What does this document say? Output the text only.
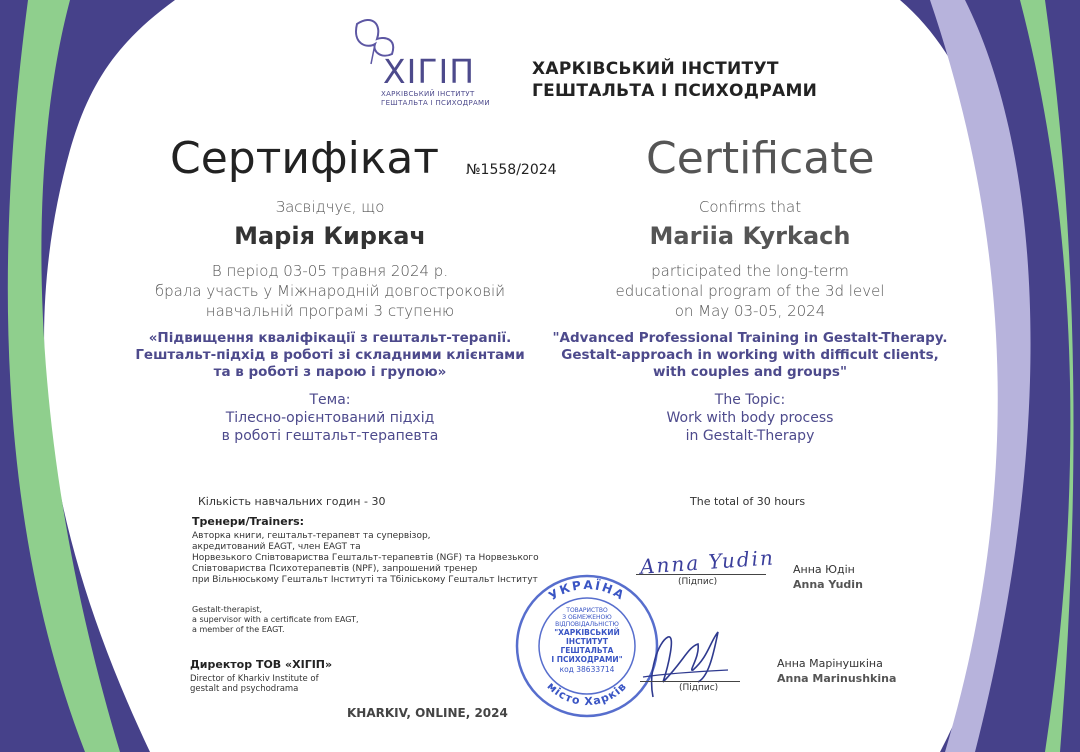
ХІГІП
ХАРКІВСЬКИЙ ІНСТИТУТ
ГЕШТАЛЬТА І ПСИХОДРАМИ
ХАРКІВСЬКИЙ ІНСТИТУТ
ГЕШТАЛЬТА І ПСИХОДРАМИ
Сертифікат №1558/2024 Certificate
Засвідчує, що
Марія Киркач
В період 03-05 травня 2024 р.
брала участь у Міжнародній довгостроковій
навчальній програмі 3 ступеню
«Підвищення кваліфікації з гештальт-терапії.
Гештальт-підхід в роботі зі складними клієнтами
та в роботі з парою і групою»
Тема:
Тілесно-орієнтований підхід
в роботі гештальт-терапевта
Confirms that
Mariia Kyrkach
participated the long-term
educational program of the 3d level
on May 03-05, 2024
"Advanced Professional Training in Gestalt-Therapy.
Gestalt-approach in working with difficult clients,
with couples and groups"
The Topic:
Work with body process
in Gestalt-Therapy
Кількість навчальних годин - 30	The total of 30 hours
Тренери/Trainers:
Авторка книги, гештальт-терапевт та супервізор,
акредитований EAGT, член EAGT та
Норвезького Співтовариства Гештальт-терапевтів (NGF) та Норвезького
Співтовариства Психотерапевтів (NPF), запрошений тренер
при Вільнюському Гештальт Інституті та Тбіліському Гештальт Інститут
Gestalt-therapist,
a supervisor with a certificate from EAGT,
a member of the EAGT.
Anna Yudin
(Підпис)
Анна Юдін
Anna Yudin
УКРАЇНА
місто Харків
ТОВАРИСТВО
З ОБМЕЖЕНОЮ
ВІДПОВІДАЛЬНІСТЮ
"ХАРКІВСЬКИЙ
ІНСТИТУТ
ГЕШТАЛЬТА
І ПСИХОДРАМИ"
код 38633714
(Підпис)
Директор ТОВ «ХІГІП»
Director of Kharkiv Institute of
gestalt and psychodrama
Анна Марінушкіна
Anna Marinushkina
KHARKIV, ONLINE, 2024
